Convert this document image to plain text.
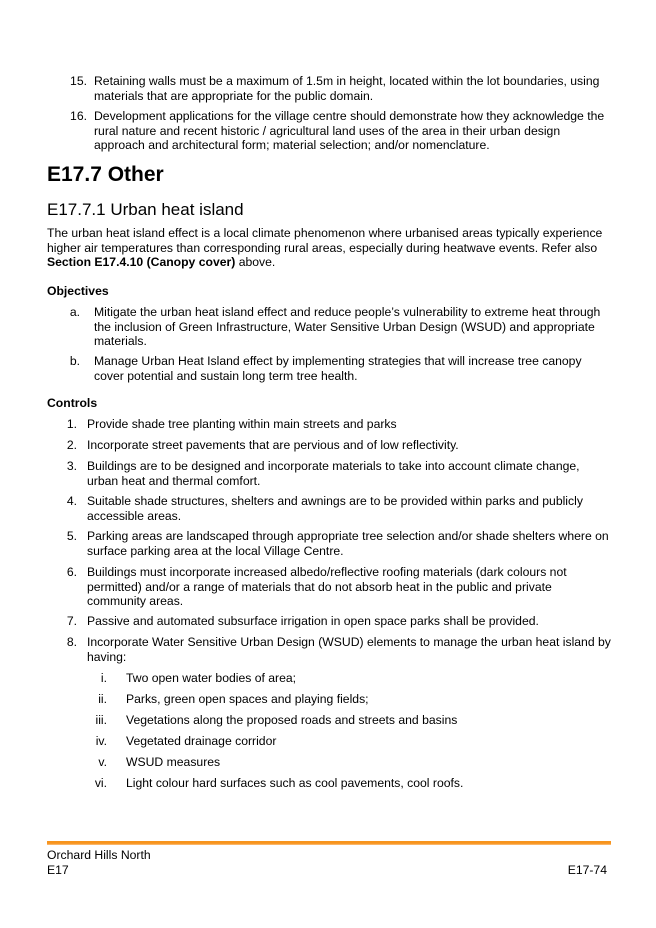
15. Retaining walls must be a maximum of 1.5m in height, located within the lot boundaries, using materials that are appropriate for the public domain.
16. Development applications for the village centre should demonstrate how they acknowledge the rural nature and recent historic / agricultural land uses of the area in their urban design approach and architectural form; material selection; and/or nomenclature.
E17.7 Other
E17.7.1 Urban heat island
The urban heat island effect is a local climate phenomenon where urbanised areas typically experience higher air temperatures than corresponding rural areas, especially during heatwave events. Refer also Section E17.4.10 (Canopy cover) above.
Objectives
a. Mitigate the urban heat island effect and reduce people’s vulnerability to extreme heat through the inclusion of Green Infrastructure, Water Sensitive Urban Design (WSUD) and appropriate materials.
b. Manage Urban Heat Island effect by implementing strategies that will increase tree canopy cover potential and sustain long term tree health.
Controls
1. Provide shade tree planting within main streets and parks
2. Incorporate street pavements that are pervious and of low reflectivity.
3. Buildings are to be designed and incorporate materials to take into account climate change, urban heat and thermal comfort.
4. Suitable shade structures, shelters and awnings are to be provided within parks and publicly accessible areas.
5. Parking areas are landscaped through appropriate tree selection and/or shade shelters where on surface parking area at the local Village Centre.
6. Buildings must incorporate increased albedo/reflective roofing materials (dark colours not permitted) and/or a range of materials that do not absorb heat in the public and private community areas.
7. Passive and automated subsurface irrigation in open space parks shall be provided.
8. Incorporate Water Sensitive Urban Design (WSUD) elements to manage the urban heat island by having:
i. Two open water bodies of area;
ii. Parks, green open spaces and playing fields;
iii. Vegetations along the proposed roads and streets and basins
iv. Vegetated drainage corridor
v. WSUD measures
vi. Light colour hard surfaces such as cool pavements, cool roofs.
Orchard Hills North
E17	E17-74
